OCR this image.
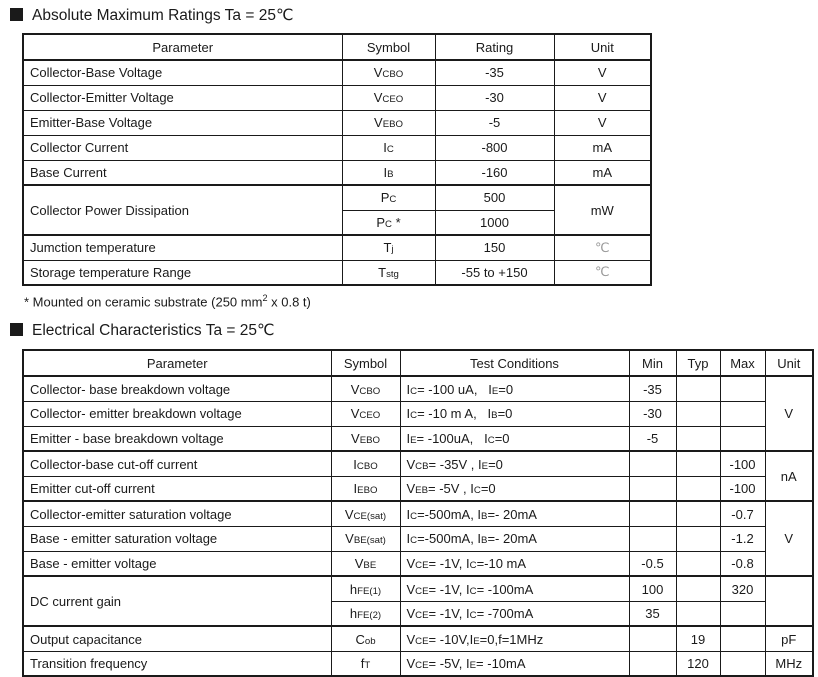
Absolute Maximum Ratings Ta = 25℃
Parameter	Symbol	Rating	Unit
Collector-Base Voltage	VCBO	-35	V
Collector-Emitter Voltage	VCEO	-30	V
Emitter-Base Voltage	VEBO	-5	V
Collector Current	IC	-800	mA
Base Current	IB	-160	mA
Collector Power Dissipation	PC	500	mW
	PC *	1000	
Jumction temperature	Tj	150	℃
Storage temperature Range	Tstg	-55 to +150	℃
* Mounted on ceramic substrate (250 $mm^2$ x 0.8 t)
Electrical Characteristics Ta = 25℃
Parameter	Symbol	Test Conditions	Min	Typ	Max	Unit
Collector- base breakdown voltage	VCBO	IC= -100 uA,   IE=0	-35			V
Collector- emitter breakdown voltage	VCEO	IC= -10 m A,   IB=0	-30			
Emitter - base breakdown voltage	VEBO	IE= -100uA,   IC=0	-5			
Collector-base cut-off current	ICBO	VCB= -35V , IE=0			-100	nA
Emitter cut-off current	IEBO	VEB= -5V , IC=0			-100	
Collector-emitter saturation voltage	VCE(sat)	IC=-500mA, IB=- 20mA			-0.7	V
Base - emitter saturation voltage	VBE(sat)	IC=-500mA, IB=- 20mA			-1.2	
Base - emitter voltage	VBE	VCE= -1V, IC=-10 mA	-0.5		-0.8	
DC current gain	hFE(1)	VCE= -1V, IC= -100mA	100		320	
	hFE(2)	VCE= -1V, IC= -700mA	35			
Output capacitance	Cob	VCE= -10V,IE=0,f=1MHz		19		pF
Transition frequency	fT	VCE= -5V, IE= -10mA		120		MHz
